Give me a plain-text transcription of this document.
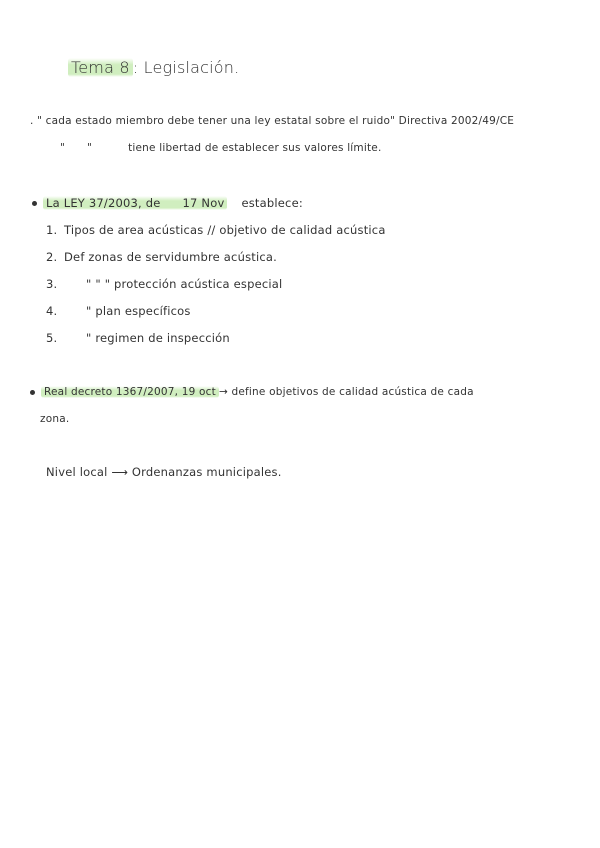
Tema 8 : Legislación.
. " cada estado miembro debe tener una ley estatal sobre el ruido" Directiva 2002/49/CE
" "	tiene libertad de establecer sus valores límite.
La LEY 37/2003, de 17 Nov establece:
1. Tipos de area acústicas // objetivo de calidad acústica
2. Def zonas de servidumbre acústica.
3. " " " protección acústica especial
4. " plan específicos
5. " regimen de inspección
Real decreto 1367/2007, 19 oct → define objetivos de calidad acústica de cada
zona.
Nivel local ⟶ Ordenanzas municipales.
